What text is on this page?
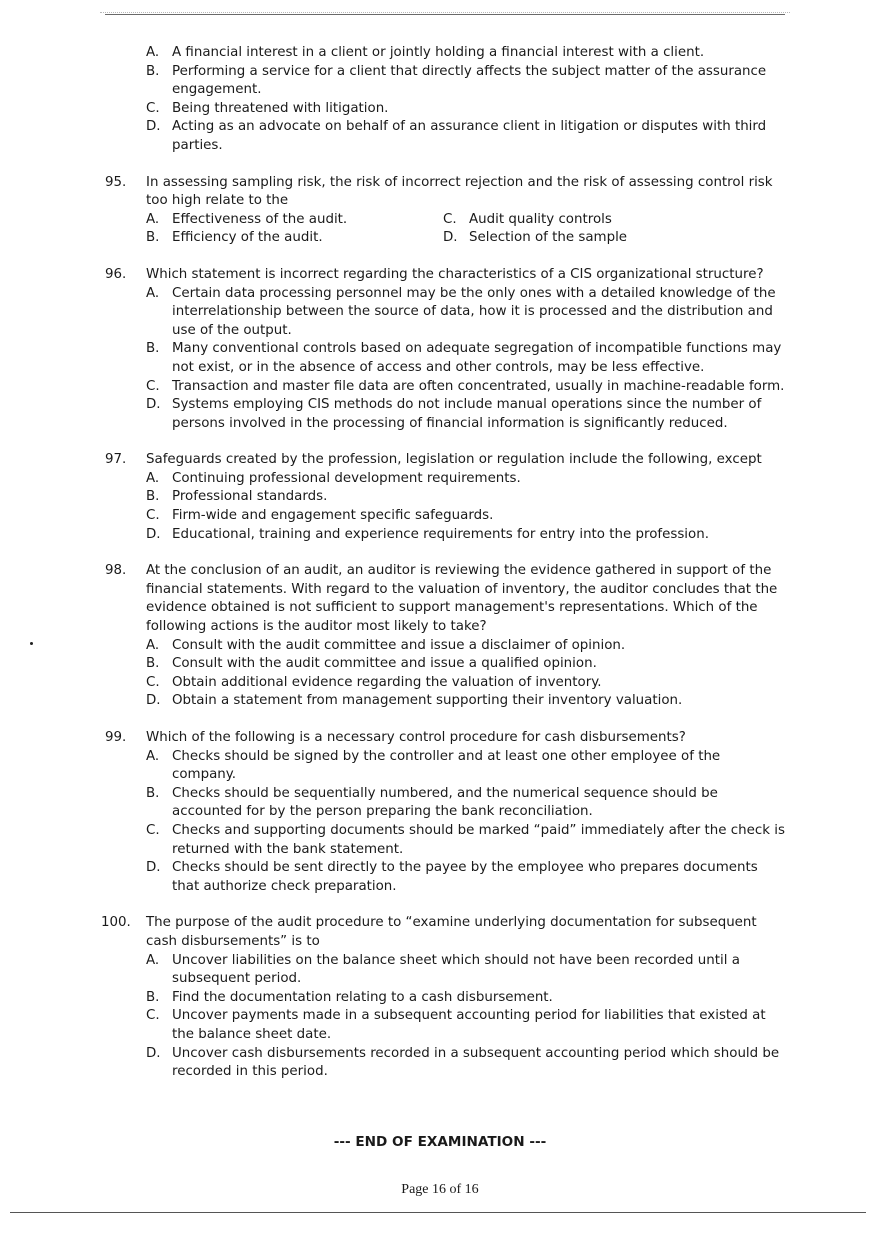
A. A financial interest in a client or jointly holding a financial interest with a client.
B. Performing a service for a client that directly affects the subject matter of the assurance engagement.
C. Being threatened with litigation.
D. Acting as an advocate on behalf of an assurance client in litigation or disputes with third parties.
95. In assessing sampling risk, the risk of incorrect rejection and the risk of assessing control risk too high relate to the
A. Effectiveness of the audit.	C. Audit quality controls
B. Efficiency of the audit.	D. Selection of the sample
96. Which statement is incorrect regarding the characteristics of a CIS organizational structure?
A. Certain data processing personnel may be the only ones with a detailed knowledge of the interrelationship between the source of data, how it is processed and the distribution and use of the output.
B. Many conventional controls based on adequate segregation of incompatible functions may not exist, or in the absence of access and other controls, may be less effective.
C. Transaction and master file data are often concentrated, usually in machine-readable form.
D. Systems employing CIS methods do not include manual operations since the number of persons involved in the processing of financial information is significantly reduced.
97. Safeguards created by the profession, legislation or regulation include the following, except
A. Continuing professional development requirements.
B. Professional standards.
C. Firm-wide and engagement specific safeguards.
D. Educational, training and experience requirements for entry into the profession.
98. At the conclusion of an audit, an auditor is reviewing the evidence gathered in support of the financial statements. With regard to the valuation of inventory, the auditor concludes that the evidence obtained is not sufficient to support management's representations. Which of the following actions is the auditor most likely to take?
A. Consult with the audit committee and issue a disclaimer of opinion.
B. Consult with the audit committee and issue a qualified opinion.
C. Obtain additional evidence regarding the valuation of inventory.
D. Obtain a statement from management supporting their inventory valuation.
99. Which of the following is a necessary control procedure for cash disbursements?
A. Checks should be signed by the controller and at least one other employee of the company.
B. Checks should be sequentially numbered, and the numerical sequence should be accounted for by the person preparing the bank reconciliation.
C. Checks and supporting documents should be marked “paid” immediately after the check is returned with the bank statement.
D. Checks should be sent directly to the payee by the employee who prepares documents that authorize check preparation.
100. The purpose of the audit procedure to “examine underlying documentation for subsequent cash disbursements” is to
A. Uncover liabilities on the balance sheet which should not have been recorded until a subsequent period.
B. Find the documentation relating to a cash disbursement.
C. Uncover payments made in a subsequent accounting period for liabilities that existed at the balance sheet date.
D. Uncover cash disbursements recorded in a subsequent accounting period which should be recorded in this period.
--- END OF EXAMINATION ---
Page 16 of 16
